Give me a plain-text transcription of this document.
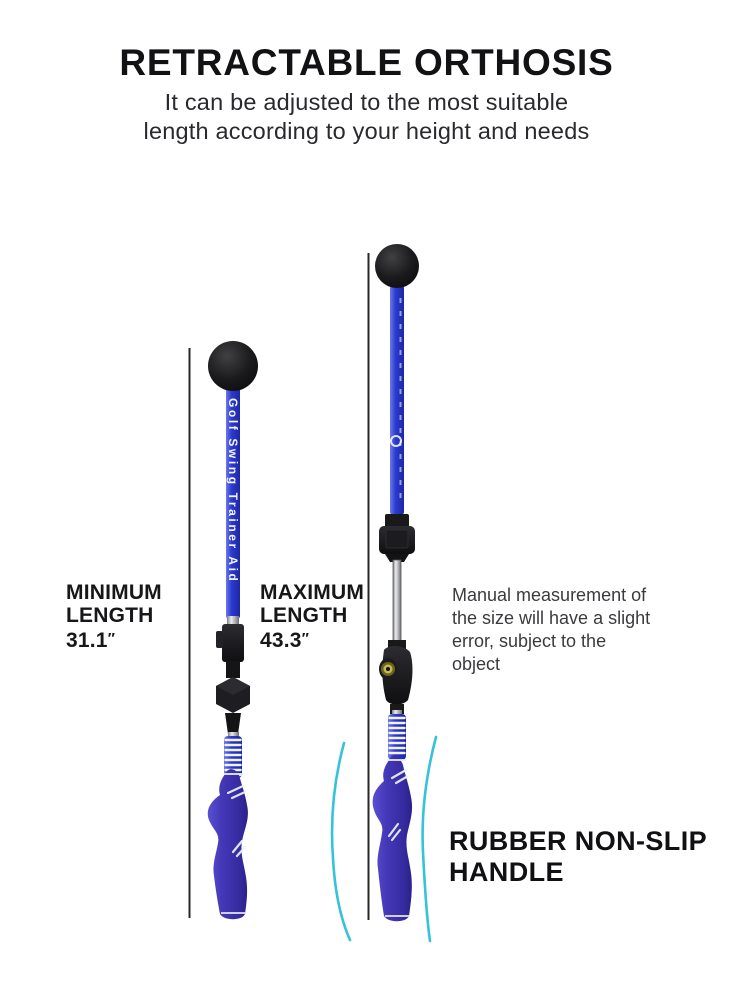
RETRACTABLE ORTHOSIS
It can be adjusted to the most suitable
length according to your height and needs
Golf Swing Trainer Aid
MINIMUM
LENGTH
31.1″
MAXIMUM
LENGTH
43.3″
Manual measurement of
the size will have a slight
error, subject to the
object
RUBBER NON-SLIP
HANDLE
